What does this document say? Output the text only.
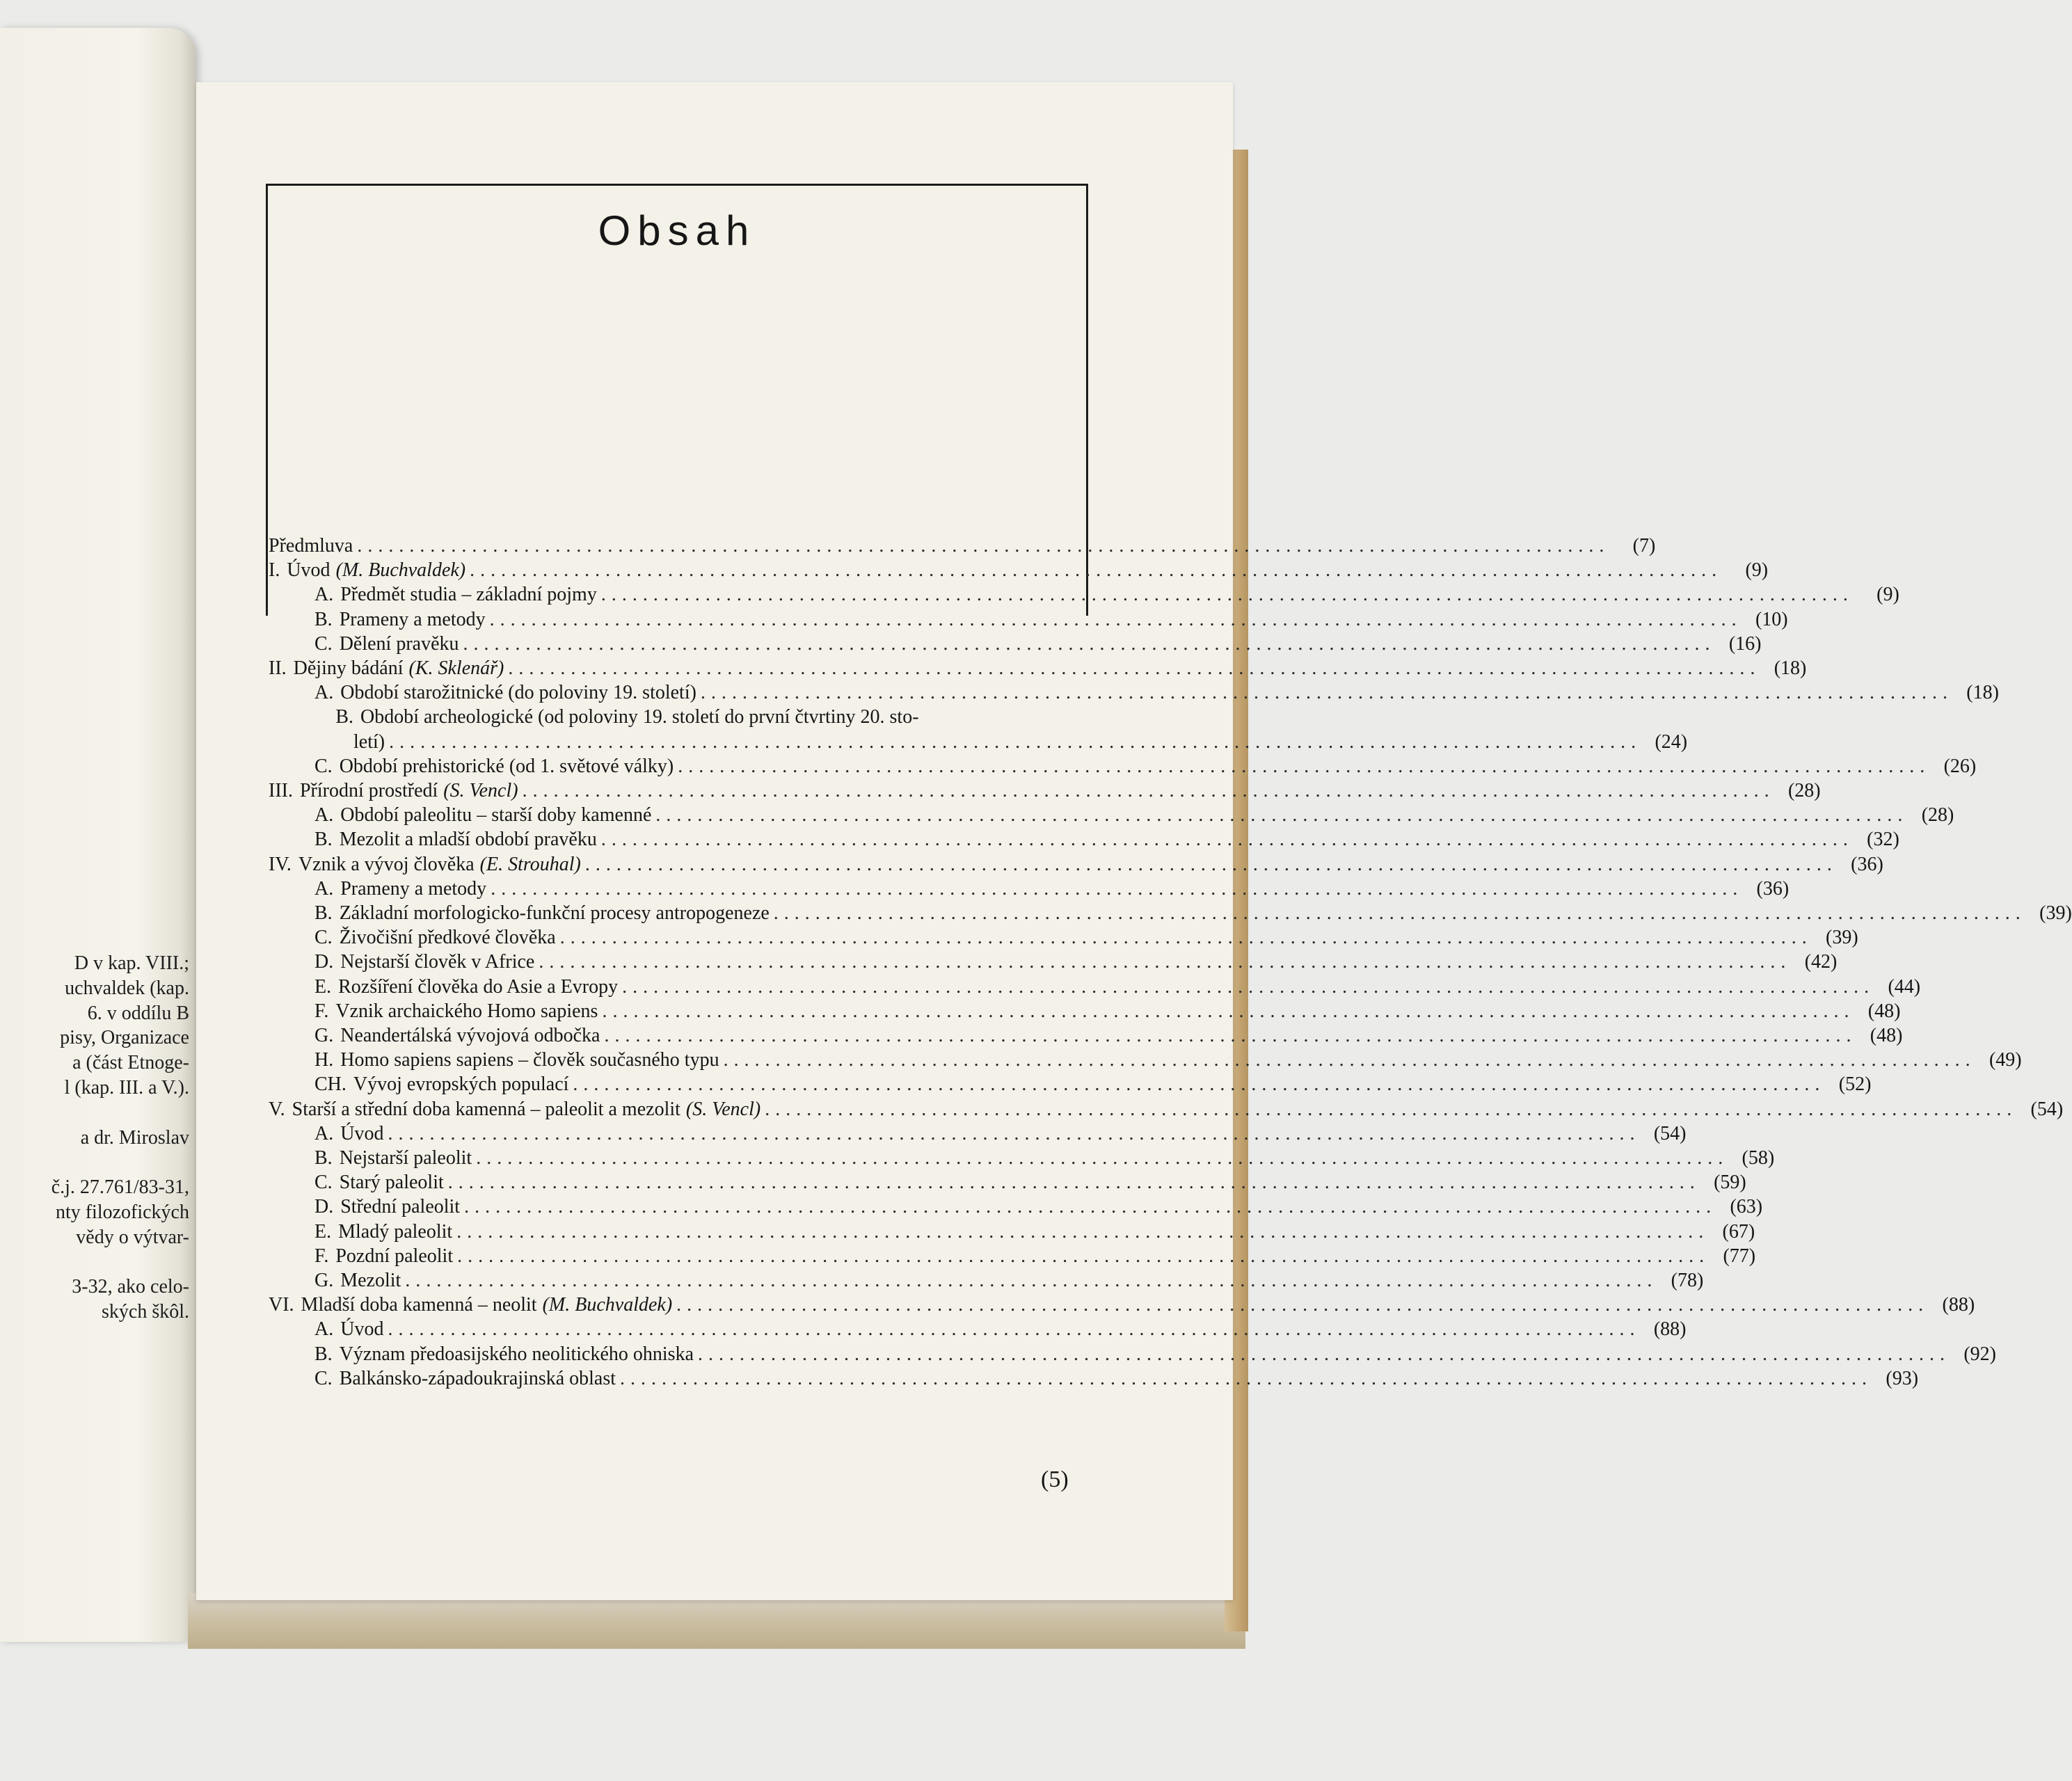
D v kap. VIII.;
uchvaldek (kap.
6. v oddílu B
pisy, Organizace
a (část Etnoge-
l (kap. III. a V.).
a dr. Miroslav
č.j. 27.761/83-31,
nty filozofických
vědy o výtvar-
3-32, ako celo-
ských škôl.
Obsah
Předmluva ........................................................................................................................	(7)
I. Úvod (M. Buchvaldek) ........................................................................................................................	(9)
A. Předmět studia – základní pojmy ........................................................................................................................	(9)
B. Prameny a metody ........................................................................................................................ (10)
C. Dělení pravěku ........................................................................................................................ (16)
II. Dějiny bádání (K. Sklenář) ........................................................................................................................ (18)
A. Období starožitnické (do poloviny 19. století) ........................................................................................................................ (18)
B. Období archeologické (od poloviny 19. století do první čtvrtiny 20. sto-
letí) ........................................................................................................................ (24)
C. Období prehistorické (od 1. světové války) ........................................................................................................................ (26)
III. Přírodní prostředí (S. Vencl) ........................................................................................................................ (28)
A. Období paleolitu – starší doby kamenné ........................................................................................................................ (28)
B. Mezolit a mladší období pravěku ........................................................................................................................ (32)
IV. Vznik a vývoj člověka (E. Strouhal) ........................................................................................................................ (36)
A. Prameny a metody ........................................................................................................................ (36)
B. Základní morfologicko-funkční procesy antropogeneze ........................................................................................................................ (39)
C. Živočišní předkové člověka ........................................................................................................................ (39)
D. Nejstarší člověk v Africe ........................................................................................................................ (42)
E. Rozšíření člověka do Asie a Evropy ........................................................................................................................ (44)
F. Vznik archaického Homo sapiens ........................................................................................................................ (48)
G. Neandertálská vývojová odbočka ........................................................................................................................ (48)
H. Homo sapiens sapiens – člověk současného typu ........................................................................................................................ (49)
CH. Vývoj evropských populací ........................................................................................................................ (52)
V. Starší a střední doba kamenná – paleolit a mezolit (S. Vencl) ........................................................................................................................ (54)
A. Úvod ........................................................................................................................ (54)
B. Nejstarší paleolit ........................................................................................................................ (58)
C. Starý paleolit ........................................................................................................................ (59)
D. Střední paleolit ........................................................................................................................ (63)
E. Mladý paleolit ........................................................................................................................ (67)
F. Pozdní paleolit ........................................................................................................................ (77)
G. Mezolit ........................................................................................................................ (78)
VI. Mladší doba kamenná – neolit (M. Buchvaldek) ........................................................................................................................ (88)
A. Úvod ........................................................................................................................ (88)
B. Význam předoasijského neolitického ohniska ........................................................................................................................ (92)
C. Balkánsko-západoukrajinská oblast ........................................................................................................................ (93)
(5)
